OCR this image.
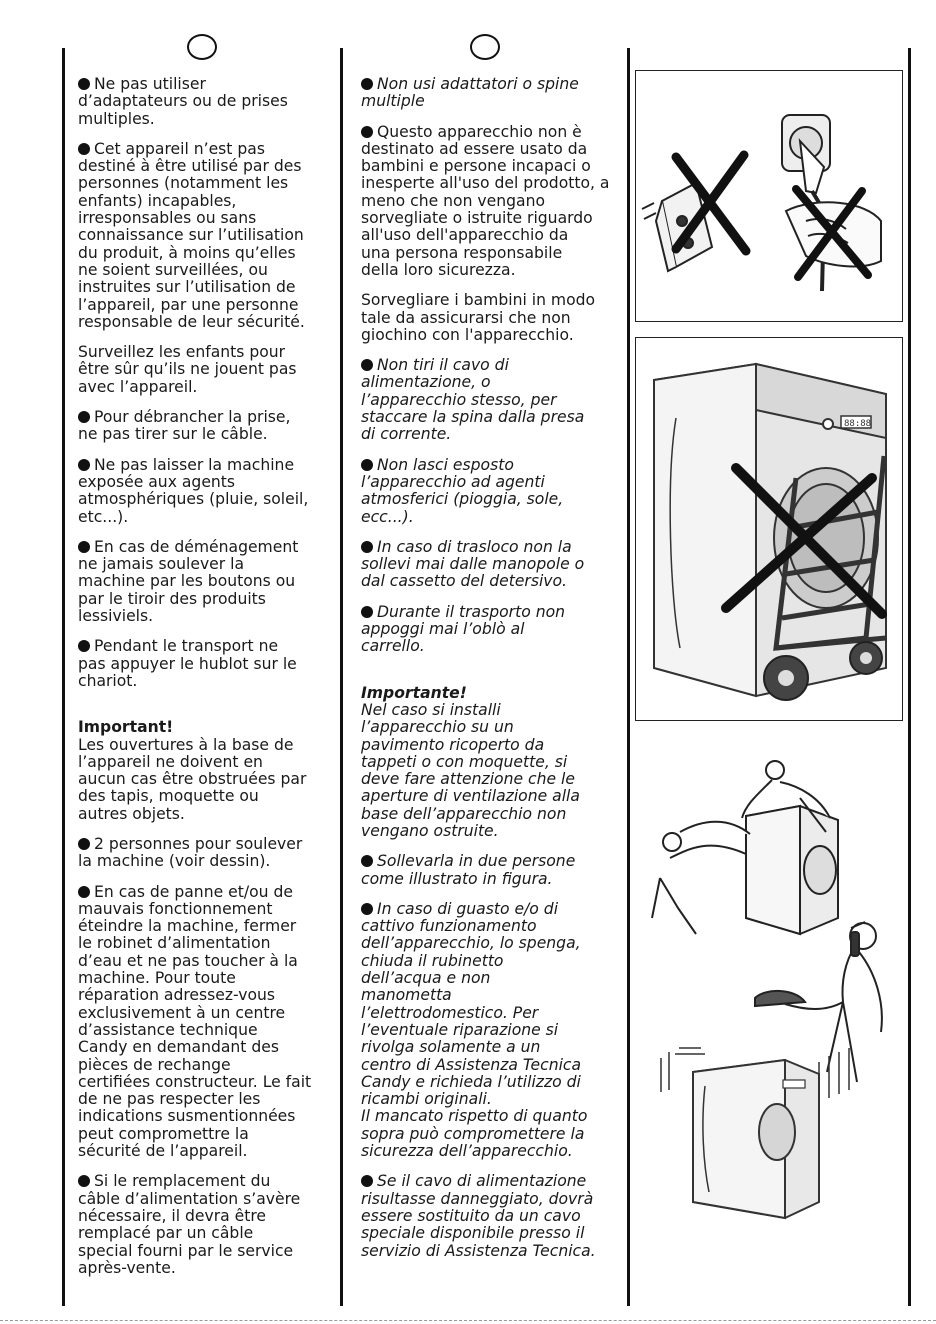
Ne pas utiliser
d’adaptateurs ou de prises
multiples.

Cet appareil n’est pas
destiné à être utilisé par des
personnes (notamment les
enfants) incapables,
irresponsables ou sans
connaissance sur l’utilisation
du produit, à moins qu’elles
ne soient surveillées, ou
instruites sur l’utilisation de
l’appareil, par une personne
responsable de leur sécurité.

Surveillez les enfants pour
être sûr qu’ils ne jouent pas
avec l’appareil.

Pour débrancher la prise,
ne pas tirer sur le câble.

Ne pas laisser la machine
exposée aux agents
atmosphériques (pluie, soleil,
etc...).

En cas de déménagement
ne jamais soulever la
machine par les boutons ou
par le tiroir des produits
lessiviels.

Pendant le transport ne
pas appuyer le hublot sur le
chariot.

Important!
Les ouvertures à la base de
l’appareil ne doivent en
aucun cas être obstruées par
des tapis, moquette ou
autres objets.

2 personnes pour soulever
la machine (voir dessin).

En cas de panne et/ou de
mauvais fonctionnement
éteindre la machine, fermer
le robinet d’alimentation
d’eau et ne pas toucher à la
machine. Pour toute
réparation adressez-vous
exclusivement à un centre
d’assistance technique
Candy en demandant des
pièces de rechange
certifiées constructeur. Le fait
de ne pas respecter les
indications susmentionnées
peut compromettre la
sécurité de l’appareil.

Si le remplacement du
câble d’alimentation s’avère
nécessaire, il devra être
remplacé par un câble
special fourni par le service
après-vente.

Non usi adattatori o spine
multiple

Questo apparecchio non è
destinato ad essere usato da
bambini e persone incapaci o
inesperte all'uso del prodotto, a
meno che non vengano
sorvegliate o istruite riguardo
all'uso dell'apparecchio da
una persona responsabile
della loro sicurezza.

Sorvegliare i bambini in modo
tale da assicurarsi che non
giochino con l'apparecchio.

Non tiri il cavo di
alimentazione, o
l’apparecchio stesso, per
staccare la spina dalla presa
di corrente.

Non lasci esposto
l’apparecchio ad agenti
atmosferici (pioggia, sole,
ecc...).

In caso di trasloco non la
sollevi mai dalle manopole o
dal cassetto del detersivo.

Durante il trasporto non
appoggi mai l’oblò al
carrello.

Importante!
Nel caso si installi
l’apparecchio su un
pavimento ricoperto da
tappeti o con moquette, si
deve fare attenzione che le
aperture di ventilazione alla
base dell’apparecchio non
vengano ostruite.

Sollevarla in due persone
come illustrato in figura.

In caso di guasto e/o di
cattivo funzionamento
dell’apparecchio, lo spenga,
chiuda il rubinetto
dell’acqua e non
manometta
l’elettrodomestico. Per
l’eventuale riparazione si
rivolga solamente a un
centro di Assistenza Tecnica
Candy e richieda l’utilizzo di
ricambi originali.
Il mancato rispetto di quanto
sopra può compromettere la
sicurezza dell’apparecchio.

Se il cavo di alimentazione
risultasse danneggiato, dovrà
essere sostituito da un cavo
speciale disponibile presso il
servizio di Assistenza Tecnica.

88:88
